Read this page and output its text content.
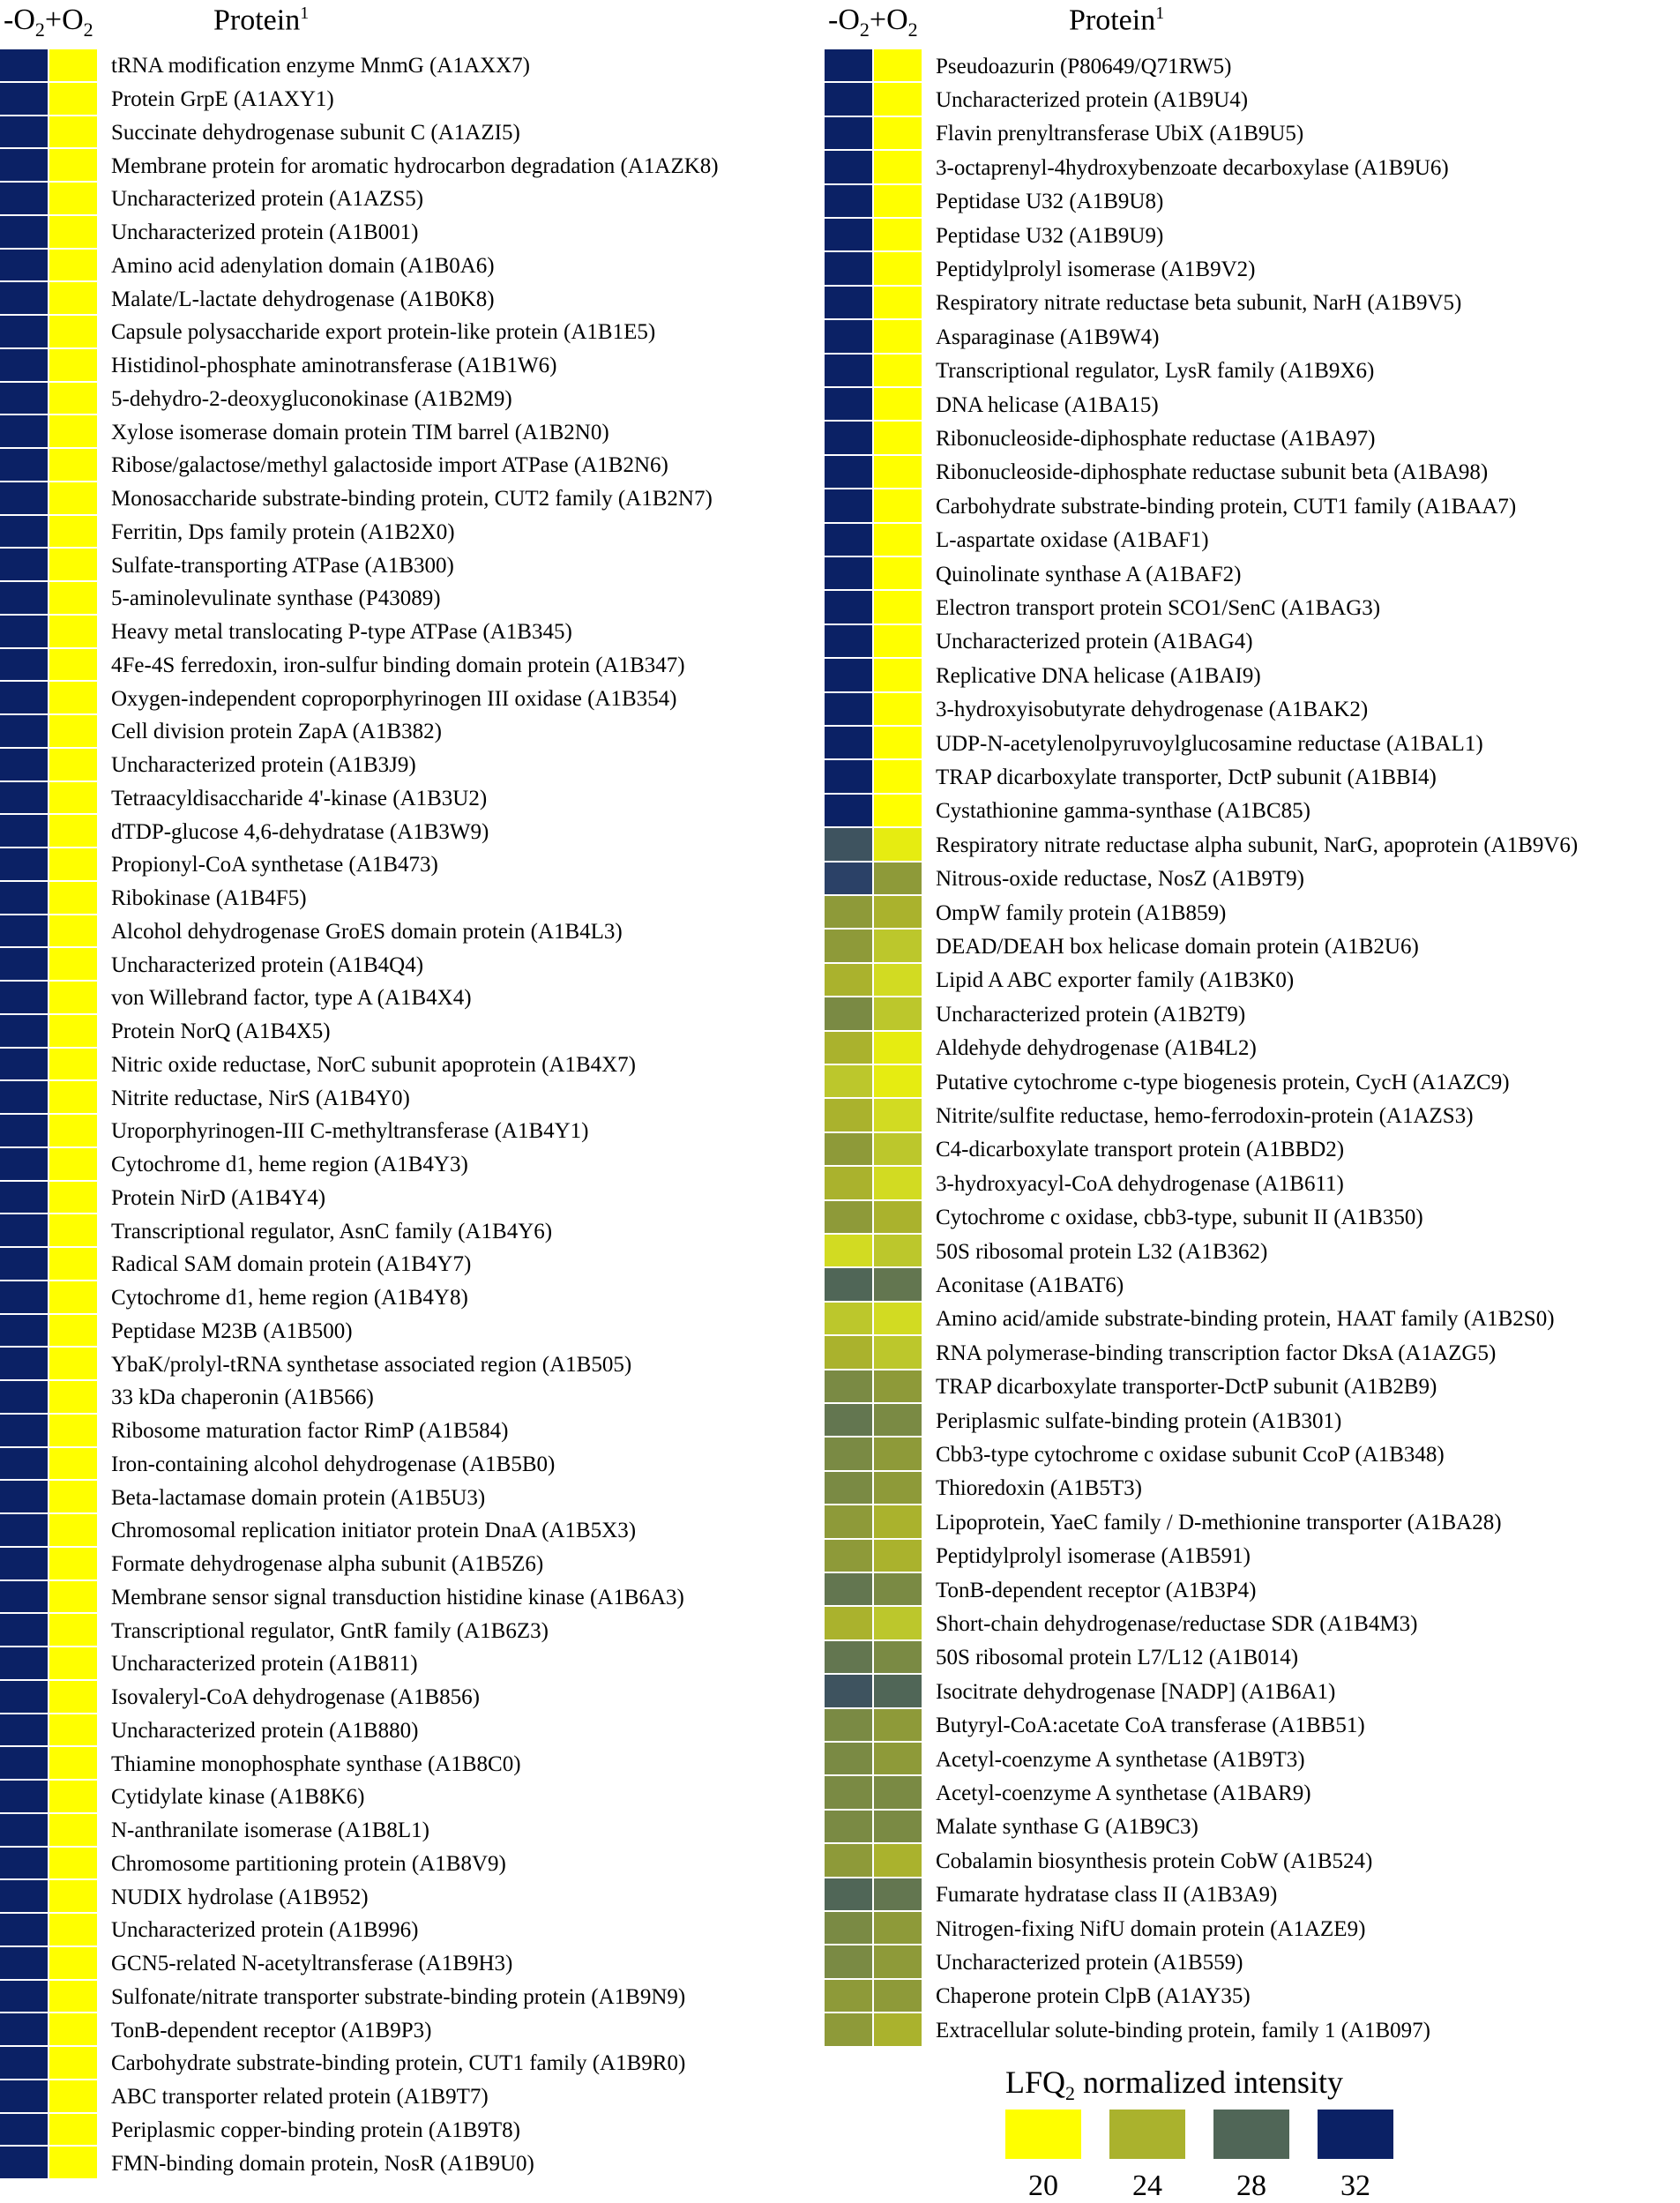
$-O_2+O_2$	Protein$^1$
tRNA modification enzyme MnmG (A1AXX7)
Protein GrpE (A1AXY1)
Succinate dehydrogenase subunit C (A1AZI5)
Membrane protein for aromatic hydrocarbon degradation (A1AZK8)
Uncharacterized protein (A1AZS5)
Uncharacterized protein (A1B001)
Amino acid adenylation domain (A1B0A6)
Malate/L-lactate dehydrogenase (A1B0K8)
Capsule polysaccharide export protein-like protein (A1B1E5)
Histidinol-phosphate aminotransferase (A1B1W6)
5-dehydro-2-deoxygluconokinase (A1B2M9)
Xylose isomerase domain protein TIM barrel (A1B2N0)
Ribose/galactose/methyl galactoside import ATPase (A1B2N6)
Monosaccharide substrate-binding protein, CUT2 family (A1B2N7)
Ferritin, Dps family protein (A1B2X0)
Sulfate-transporting ATPase (A1B300)
5-aminolevulinate synthase (P43089)
Heavy metal translocating P-type ATPase (A1B345)
4Fe-4S ferredoxin, iron-sulfur binding domain protein (A1B347)
Oxygen-independent coproporphyrinogen III oxidase (A1B354)
Cell division protein ZapA (A1B382)
Uncharacterized protein (A1B3J9)
Tetraacyldisaccharide 4'-kinase (A1B3U2)
dTDP-glucose 4,6-dehydratase (A1B3W9)
Propionyl-CoA synthetase (A1B473)
Ribokinase (A1B4F5)
Alcohol dehydrogenase GroES domain protein (A1B4L3)
Uncharacterized protein (A1B4Q4)
von Willebrand factor, type A (A1B4X4)
Protein NorQ (A1B4X5)
Nitric oxide reductase, NorC subunit apoprotein (A1B4X7)
Nitrite reductase, NirS (A1B4Y0)
Uroporphyrinogen-III C-methyltransferase (A1B4Y1)
Cytochrome d1, heme region (A1B4Y3)
Protein NirD (A1B4Y4)
Transcriptional regulator, AsnC family (A1B4Y6)
Radical SAM domain protein (A1B4Y7)
Cytochrome d1, heme region (A1B4Y8)
Peptidase M23B (A1B500)
YbaK/prolyl-tRNA synthetase associated region (A1B505)
33 kDa chaperonin (A1B566)
Ribosome maturation factor RimP (A1B584)
Iron-containing alcohol dehydrogenase (A1B5B0)
Beta-lactamase domain protein (A1B5U3)
Chromosomal replication initiator protein DnaA (A1B5X3)
Formate dehydrogenase alpha subunit (A1B5Z6)
Membrane sensor signal transduction histidine kinase (A1B6A3)
Transcriptional regulator, GntR family (A1B6Z3)
Uncharacterized protein (A1B811)
Isovaleryl-CoA dehydrogenase (A1B856)
Uncharacterized protein (A1B880)
Thiamine monophosphate synthase (A1B8C0)
Cytidylate kinase (A1B8K6)
N-anthranilate isomerase (A1B8L1)
Chromosome partitioning protein (A1B8V9)
NUDIX hydrolase (A1B952)
Uncharacterized protein (A1B996)
GCN5-related N-acetyltransferase (A1B9H3)
Sulfonate/nitrate transporter substrate-binding protein (A1B9N9)
TonB-dependent receptor (A1B9P3)
Carbohydrate substrate-binding protein, CUT1 family (A1B9R0)
ABC transporter related protein (A1B9T7)
Periplasmic copper-binding protein (A1B9T8)
FMN-binding domain protein, NosR (A1B9U0)
$-O_2+O_2$	Protein$^1$
Pseudoazurin (P80649/Q71RW5)
Uncharacterized protein (A1B9U4)
Flavin prenyltransferase UbiX (A1B9U5)
3-octaprenyl-4hydroxybenzoate decarboxylase (A1B9U6)
Peptidase U32 (A1B9U8)
Peptidase U32 (A1B9U9)
Peptidylprolyl isomerase (A1B9V2)
Respiratory nitrate reductase beta subunit, NarH (A1B9V5)
Asparaginase (A1B9W4)
Transcriptional regulator, LysR family (A1B9X6)
DNA helicase (A1BA15)
Ribonucleoside-diphosphate reductase (A1BA97)
Ribonucleoside-diphosphate reductase subunit beta (A1BA98)
Carbohydrate substrate-binding protein, CUT1 family (A1BAA7)
L-aspartate oxidase (A1BAF1)
Quinolinate synthase A (A1BAF2)
Electron transport protein SCO1/SenC (A1BAG3)
Uncharacterized protein (A1BAG4)
Replicative DNA helicase (A1BAI9)
3-hydroxyisobutyrate dehydrogenase (A1BAK2)
UDP-N-acetylenolpyruvoylglucosamine reductase (A1BAL1)
TRAP dicarboxylate transporter, DctP subunit (A1BBI4)
Cystathionine gamma-synthase (A1BC85)
Respiratory nitrate reductase alpha subunit, NarG, apoprotein (A1B9V6)
Nitrous-oxide reductase, NosZ (A1B9T9)
OmpW family protein (A1B859)
DEAD/DEAH box helicase domain protein (A1B2U6)
Lipid A ABC exporter family (A1B3K0)
Uncharacterized protein (A1B2T9)
Aldehyde dehydrogenase (A1B4L2)
Putative cytochrome c-type biogenesis protein, CycH (A1AZC9)
Nitrite/sulfite reductase, hemo-ferrodoxin-protein (A1AZS3)
C4-dicarboxylate transport protein (A1BBD2)
3-hydroxyacyl-CoA dehydrogenase (A1B611)
Cytochrome c oxidase, cbb3-type, subunit II (A1B350)
50S ribosomal protein L32 (A1B362)
Aconitase (A1BAT6)
Amino acid/amide substrate-binding protein, HAAT family (A1B2S0)
RNA polymerase-binding transcription factor DksA (A1AZG5)
TRAP dicarboxylate transporter-DctP subunit (A1B2B9)
Periplasmic sulfate-binding protein (A1B301)
Cbb3-type cytochrome c oxidase subunit CcoP (A1B348)
Thioredoxin (A1B5T3)
Lipoprotein, YaeC family / D-methionine transporter (A1BA28)
Peptidylprolyl isomerase (A1B591)
TonB-dependent receptor (A1B3P4)
Short-chain dehydrogenase/reductase SDR (A1B4M3)
50S ribosomal protein L7/L12 (A1B014)
Isocitrate dehydrogenase [NADP] (A1B6A1)
Butyryl-CoA:acetate CoA transferase (A1BB51)
Acetyl-coenzyme A synthetase (A1B9T3)
Acetyl-coenzyme A synthetase (A1BAR9)
Malate synthase G (A1B9C3)
Cobalamin biosynthesis protein CobW (A1B524)
Fumarate hydratase class II (A1B3A9)
Nitrogen-fixing NifU domain protein (A1AZE9)
Uncharacterized protein (A1B559)
Chaperone protein ClpB (A1AY35)
Extracellular solute-binding protein, family 1 (A1B097)
$LFQ_2$ normalized intensity
20	24	28	32
